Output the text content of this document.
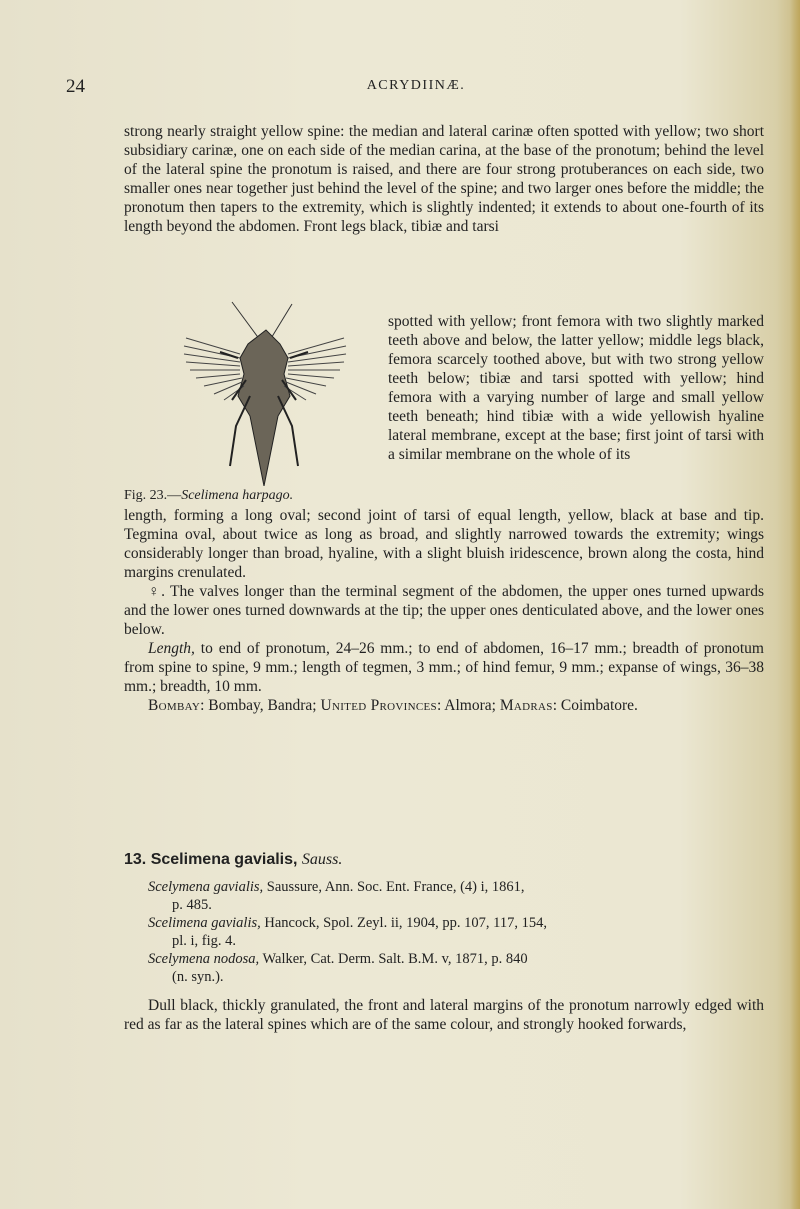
24	ACRYDIINÆ.

strong nearly straight yellow spine: the median and lateral carinæ often spotted with yellow; two short subsidiary carinæ, one on each side of the median carina, at the base of the pronotum; behind the level of the lateral spine the pronotum is raised, and there are four strong protuberances on each side, two smaller ones near together just behind the level of the spine; and two larger ones before the middle; the pronotum then tapers to the extremity, which is slightly indented; it extends to about one-fourth of its length beyond the abdomen. Front legs black, tibiæ and tarsi

spotted with yellow; front femora with two slightly marked teeth above and below, the latter yellow; middle legs black, femora scarcely toothed above, but with two strong yellow teeth below; tibiæ and tarsi spotted with yellow; hind femora with a varying number of large and small yellow teeth beneath; hind tibiæ with a wide yellowish hyaline lateral membrane, except at the base; first joint of tarsi with a similar membrane on the whole of its
Fig. 23.—Scelimena harpago.

length, forming a long oval; second joint of tarsi of equal length, yellow, black at base and tip. Tegmina oval, about twice as long as broad, and slightly narrowed towards the extremity; wings considerably longer than broad, hyaline, with a slight bluish iridescence, brown along the costa, hind margins crenulated.

♀. The valves longer than the terminal segment of the abdomen, the upper ones turned upwards and the lower ones turned downwards at the tip; the upper ones denticulated above, and the lower ones below.

Length, to end of pronotum, 24–26 mm.; to end of abdomen, 16–17 mm.; breadth of pronotum from spine to spine, 9 mm.; length of tegmen, 3 mm.; of hind femur, 9 mm.; expanse of wings, 36–38 mm.; breadth, 10 mm.

Bombay: Bombay, Bandra; United Provinces: Almora; Madras: Coimbatore.

13. Scelimena gavialis, Sauss.

Scelymena gavialis, Saussure, Ann. Soc. Ent. France, (4) i, 1861,

p. 485.

Scelimena gavialis, Hancock, Spol. Zeyl. ii, 1904, pp. 107, 117, 154,

pl. i, fig. 4.

Scelymena nodosa, Walker, Cat. Derm. Salt. B.M. v, 1871, p. 840

(n. syn.).

Dull black, thickly granulated, the front and lateral margins of the pronotum narrowly edged with red as far as the lateral spines which are of the same colour, and strongly hooked forwards,
